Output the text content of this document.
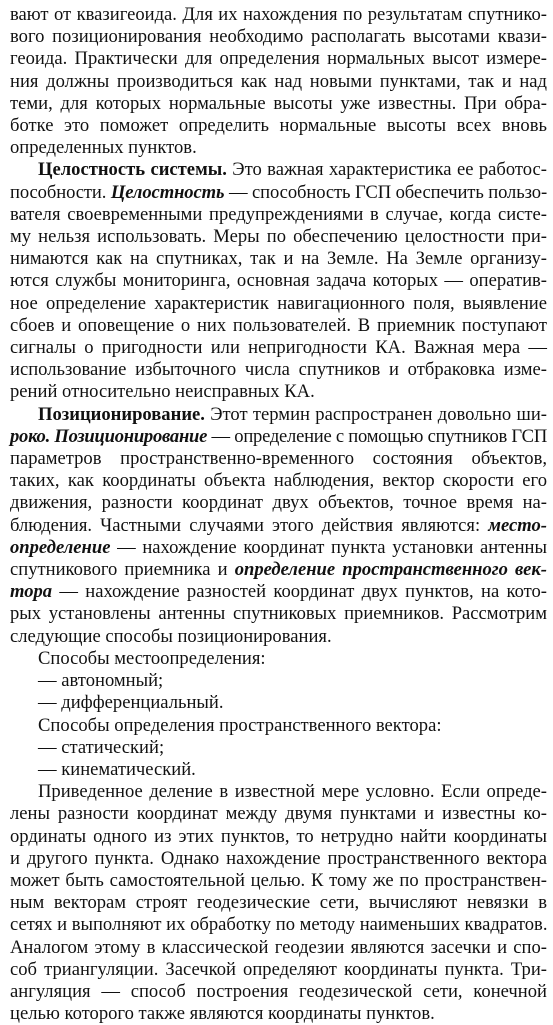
вают от квазигеоида. Для их нахождения по результатам спутнико-
вого позиционирования необходимо располагать высотами квази-
геоида. Практически для определения нормальных высот измере-
ния должны производиться как над новыми пунктами, так и над
теми, для которых нормальные высоты уже известны. При обра-
ботке это поможет определить нормальные высоты всех вновь
определенных пунктов.
Целостность системы. Это важная характеристика ее работос-
пособности. Целостность — способность ГСП обеспечить пользо-
вателя своевременными предупреждениями в случае, когда систе-
му нельзя использовать. Меры по обеспечению целостности при-
нимаются как на спутниках, так и на Земле. На Земле организу-
ются службы мониторинга, основная задача которых — оператив-
ное определение характеристик навигационного поля, выявление
сбоев и оповещение о них пользователей. В приемник поступают
сигналы о пригодности или непригодности КА. Важная мера —
использование избыточного числа спутников и отбраковка изме-
рений относительно неисправных КА.
Позиционирование. Этот термин распространен довольно ши-
роко. Позиционирование — определение с помощью спутников ГСП
параметров пространственно-временного состояния объектов,
таких, как координаты объекта наблюдения, вектор скорости его
движения, разности координат двух объектов, точное время на-
блюдения. Частными случаями этого действия являются: место-
определение — нахождение координат пункта установки антенны
спутникового приемника и определение пространственного век-
тора — нахождение разностей координат двух пунктов, на кото-
рых установлены антенны спутниковых приемников. Рассмотрим
следующие способы позиционирования.
Способы местоопределения:
— автономный;
— дифференциальный.
Способы определения пространственного вектора:
— статический;
— кинематический.
Приведенное деление в известной мере условно. Если опреде-
лены разности координат между двумя пунктами и известны ко-
ординаты одного из этих пунктов, то нетрудно найти координаты
и другого пункта. Однако нахождение пространственного вектора
может быть самостоятельной целью. К тому же по пространствен-
ным векторам строят геодезические сети, вычисляют невязки в
сетях и выполняют их обработку по методу наименьших квадратов.
Аналогом этому в классической геодезии являются засечки и спо-
соб триангуляции. Засечкой определяют координаты пункта. Три-
ангуляция — способ построения геодезической сети, конечной
целью которого также являются координаты пунктов.
